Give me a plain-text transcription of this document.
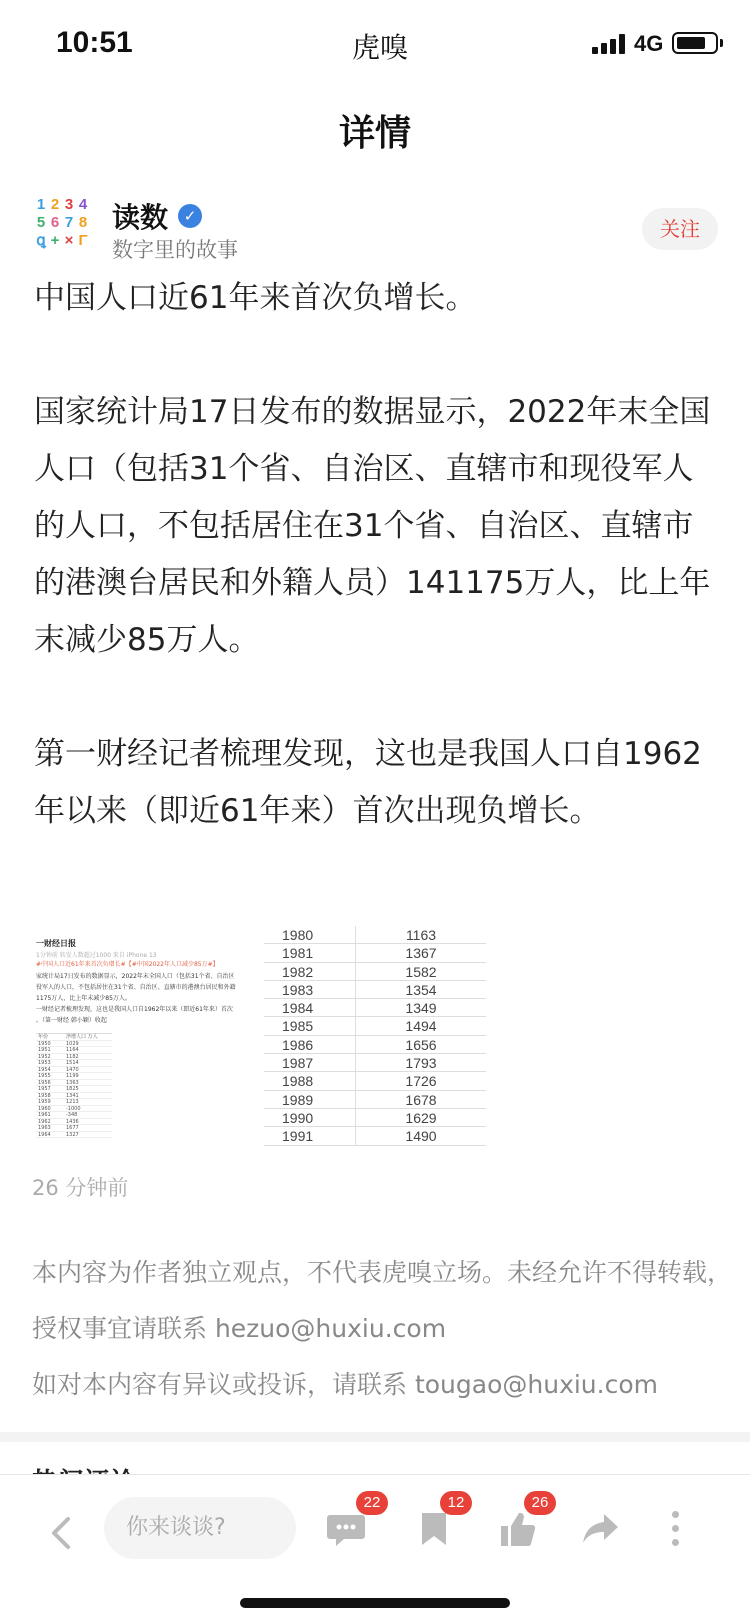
10:51	虎嗅	4G
详情
1 2 3 4
5 6 7 8
ꝗ + × Γ
读数	✓
数字里的故事
关注

中国人口近61年来首次负增长。

国家统计局17日发布的数据显示，2022年末全国人口（包括31个省、自治区、直辖市和现役军人的人口，不包括居住在31个省、自治区、直辖市的港澳台居民和外籍人员）141175万人，比上年末减少85万人。

第一财经记者梳理发现，这也是我国人口自1962年以来（即近61年来）首次出现负增长。

一财经日报
1分钟前 转发人数超过1000 来自 iPhone 13
#中国人口近61年来首次负增长#【#中国2022年人口减少85万#】
家统计局17日发布的数据显示，2022年末全国人口（包括31个省、自治区
役军人的人口，不包括居住在31个省、自治区、直辖市的港澳台居民和外籍
1175万人，比上年末减少85万人。
一财经记者梳理发现，这也是我国人口自1962年以来（即近61年来）首次
。（第一财经 韩小颖）收起
年份	净增人口 万人
1950	1029
1951	1164
1952	1182
1953	1514
1954	1470
1955	1199
1956	1363
1957	1825
1958	1341
1959	1213
1960	-1000
1961	-348
1962	1436
1963	1677
1964	1327
1980	1163
1981	1367
1982	1582
1983	1354
1984	1349
1985	1494
1986	1656
1987	1793
1988	1726
1989	1678
1990	1629
1991	1490
26 分钟前
本内容为作者独立观点，不代表虎嗅立场。未经允许不得转载，授权事宜请联系 hezuo@huxiu.com
如对本内容有异议或投诉，请联系 tougao@huxiu.com
你来谈谈?
22	12	26
